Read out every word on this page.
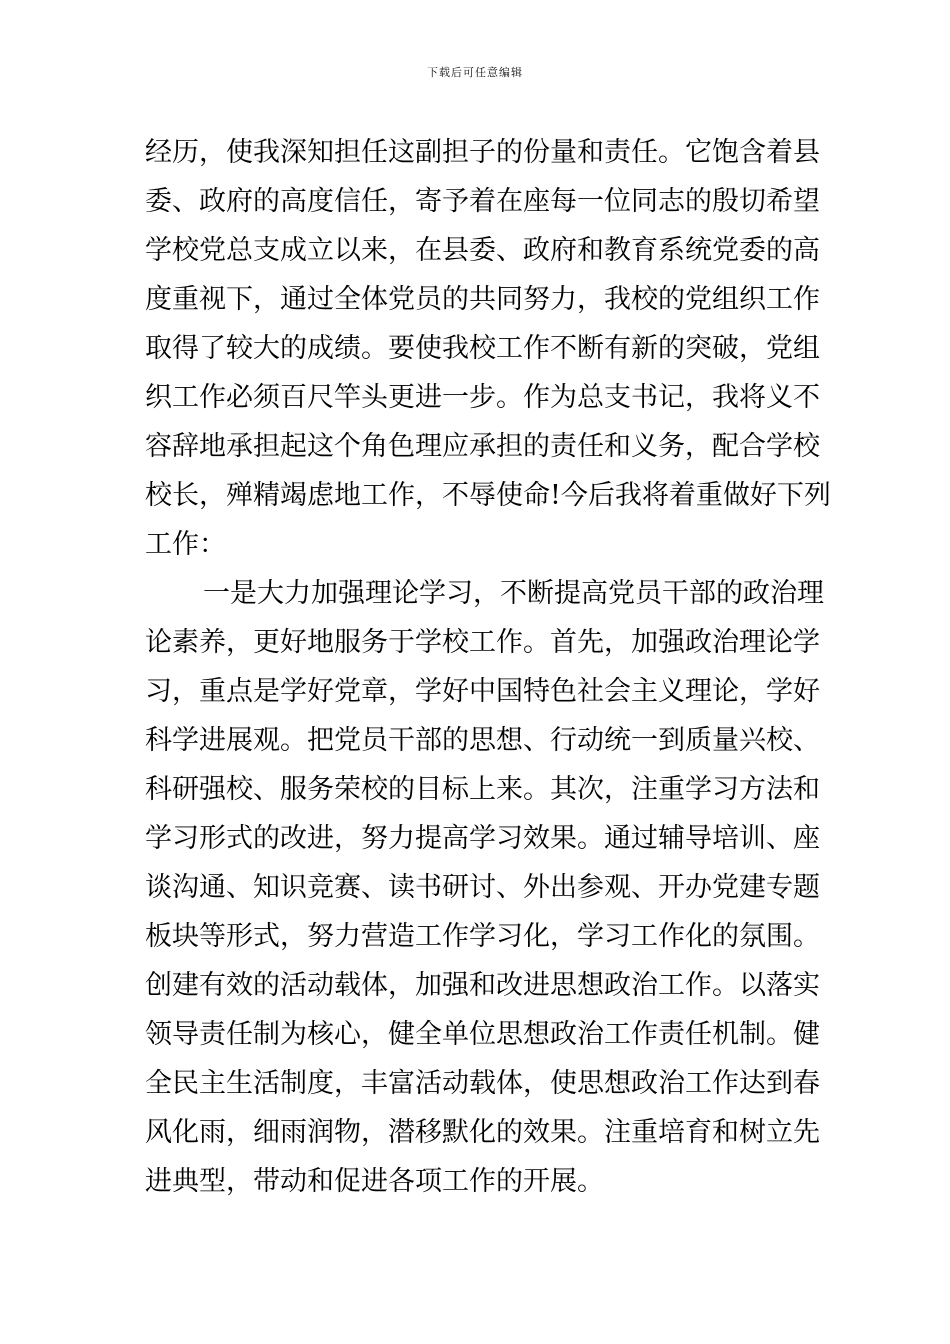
下载后可任意编辑
经历，使我深知担任这副担子的份量和责任。它饱含着县
委、政府的高度信任，寄予着在座每一位同志的殷切希望
学校党总支成立以来，在县委、政府和教育系统党委的高
度重视下，通过全体党员的共同努力，我校的党组织工作
取得了较大的成绩。要使我校工作不断有新的突破，党组
织工作必须百尺竿头更进一步。作为总支书记，我将义不
容辞地承担起这个角色理应承担的责任和义务，配合学校
校长，殚精竭虑地工作，不辱使命!今后我将着重做好下列
工作：
一是大力加强理论学习，不断提高党员干部的政治理
论素养，更好地服务于学校工作。首先，加强政治理论学
习，重点是学好党章，学好中国特色社会主义理论，学好
科学进展观。把党员干部的思想、行动统一到质量兴校、
科研强校、服务荣校的目标上来。其次，注重学习方法和
学习形式的改进，努力提高学习效果。通过辅导培训、座
谈沟通、知识竞赛、读书研讨、外出参观、开办党建专题
板块等形式，努力营造工作学习化，学习工作化的氛围。
创建有效的活动载体，加强和改进思想政治工作。以落实
领导责任制为核心，健全单位思想政治工作责任机制。健
全民主生活制度，丰富活动载体，使思想政治工作达到春
风化雨，细雨润物，潜移默化的效果。注重培育和树立先
进典型，带动和促进各项工作的开展。
